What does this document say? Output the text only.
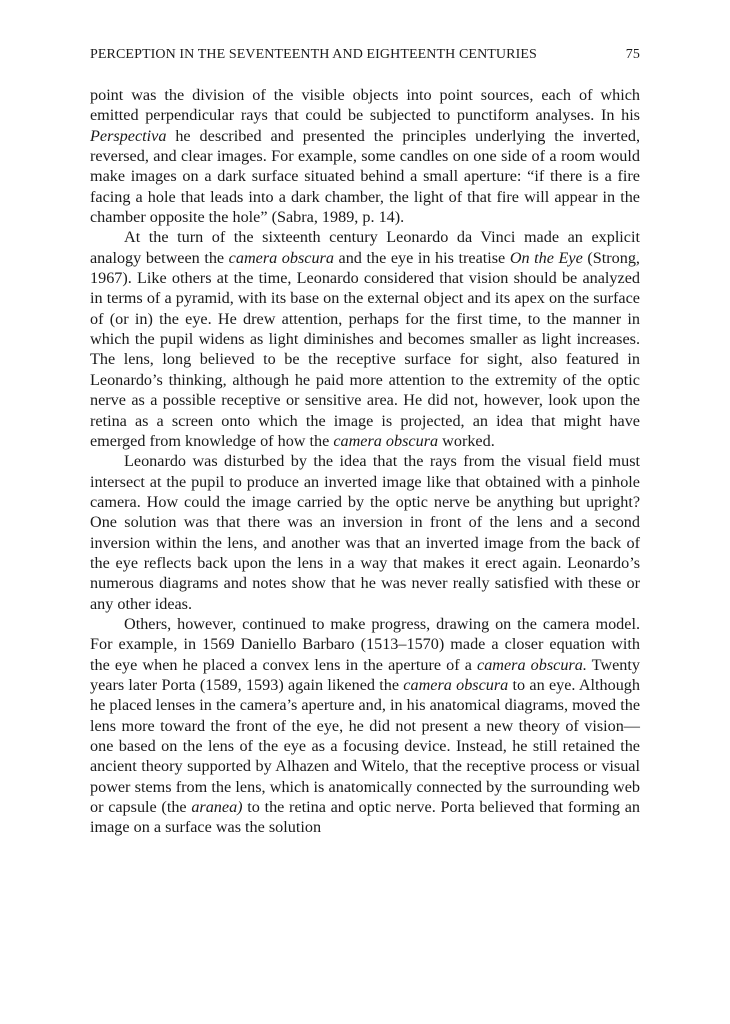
PERCEPTION IN THE SEVENTEENTH AND EIGHTEENTH CENTURIES	75

point was the division of the visible objects into point sources, each of which emitted perpendicular rays that could be subjected to punctiform analyses. In his Perspectiva he described and presented the principles underlying the inverted, reversed, and clear images. For example, some candles on one side of a room would make images on a dark surface situated behind a small aperture: “if there is a fire facing a hole that leads into a dark chamber, the light of that fire will appear in the chamber opposite the hole” (Sabra, 1989, p. 14).

At the turn of the sixteenth century Leonardo da Vinci made an explicit analogy between the camera obscura and the eye in his treatise On the Eye (Strong, 1967). Like others at the time, Leonardo considered that vision should be analyzed in terms of a pyramid, with its base on the external object and its apex on the surface of (or in) the eye. He drew attention, perhaps for the first time, to the manner in which the pupil widens as light diminishes and becomes smaller as light increases. The lens, long believed to be the receptive surface for sight, also featured in Leonardo’s thinking, although he paid more attention to the extremity of the optic nerve as a possible receptive or sensitive area. He did not, however, look upon the retina as a screen onto which the image is projected, an idea that might have emerged from knowledge of how the camera obscura worked.

Leonardo was disturbed by the idea that the rays from the visual field must intersect at the pupil to produce an inverted image like that obtained with a pinhole camera. How could the image carried by the optic nerve be anything but upright? One solution was that there was an inversion in front of the lens and a second inversion within the lens, and another was that an inverted image from the back of the eye reflects back upon the lens in a way that makes it erect again. Leonardo’s numerous diagrams and notes show that he was never really satisfied with these or any other ideas.

Others, however, continued to make progress, drawing on the camera model. For example, in 1569 Daniello Barbaro (1513–1570) made a closer equation with the eye when he placed a convex lens in the aperture of a camera obscura. Twenty years later Porta (1589, 1593) again likened the camera obscura to an eye. Although he placed lenses in the camera’s aperture and, in his anatomical diagrams, moved the lens more toward the front of the eye, he did not present a new theory of vision—one based on the lens of the eye as a focusing device. Instead, he still retained the ancient theory supported by Alhazen and Witelo, that the receptive process or visual power stems from the lens, which is anatomically connected by the surrounding web or capsule (the aranea) to the retina and optic nerve. Porta believed that forming an image on a surface was the solution
